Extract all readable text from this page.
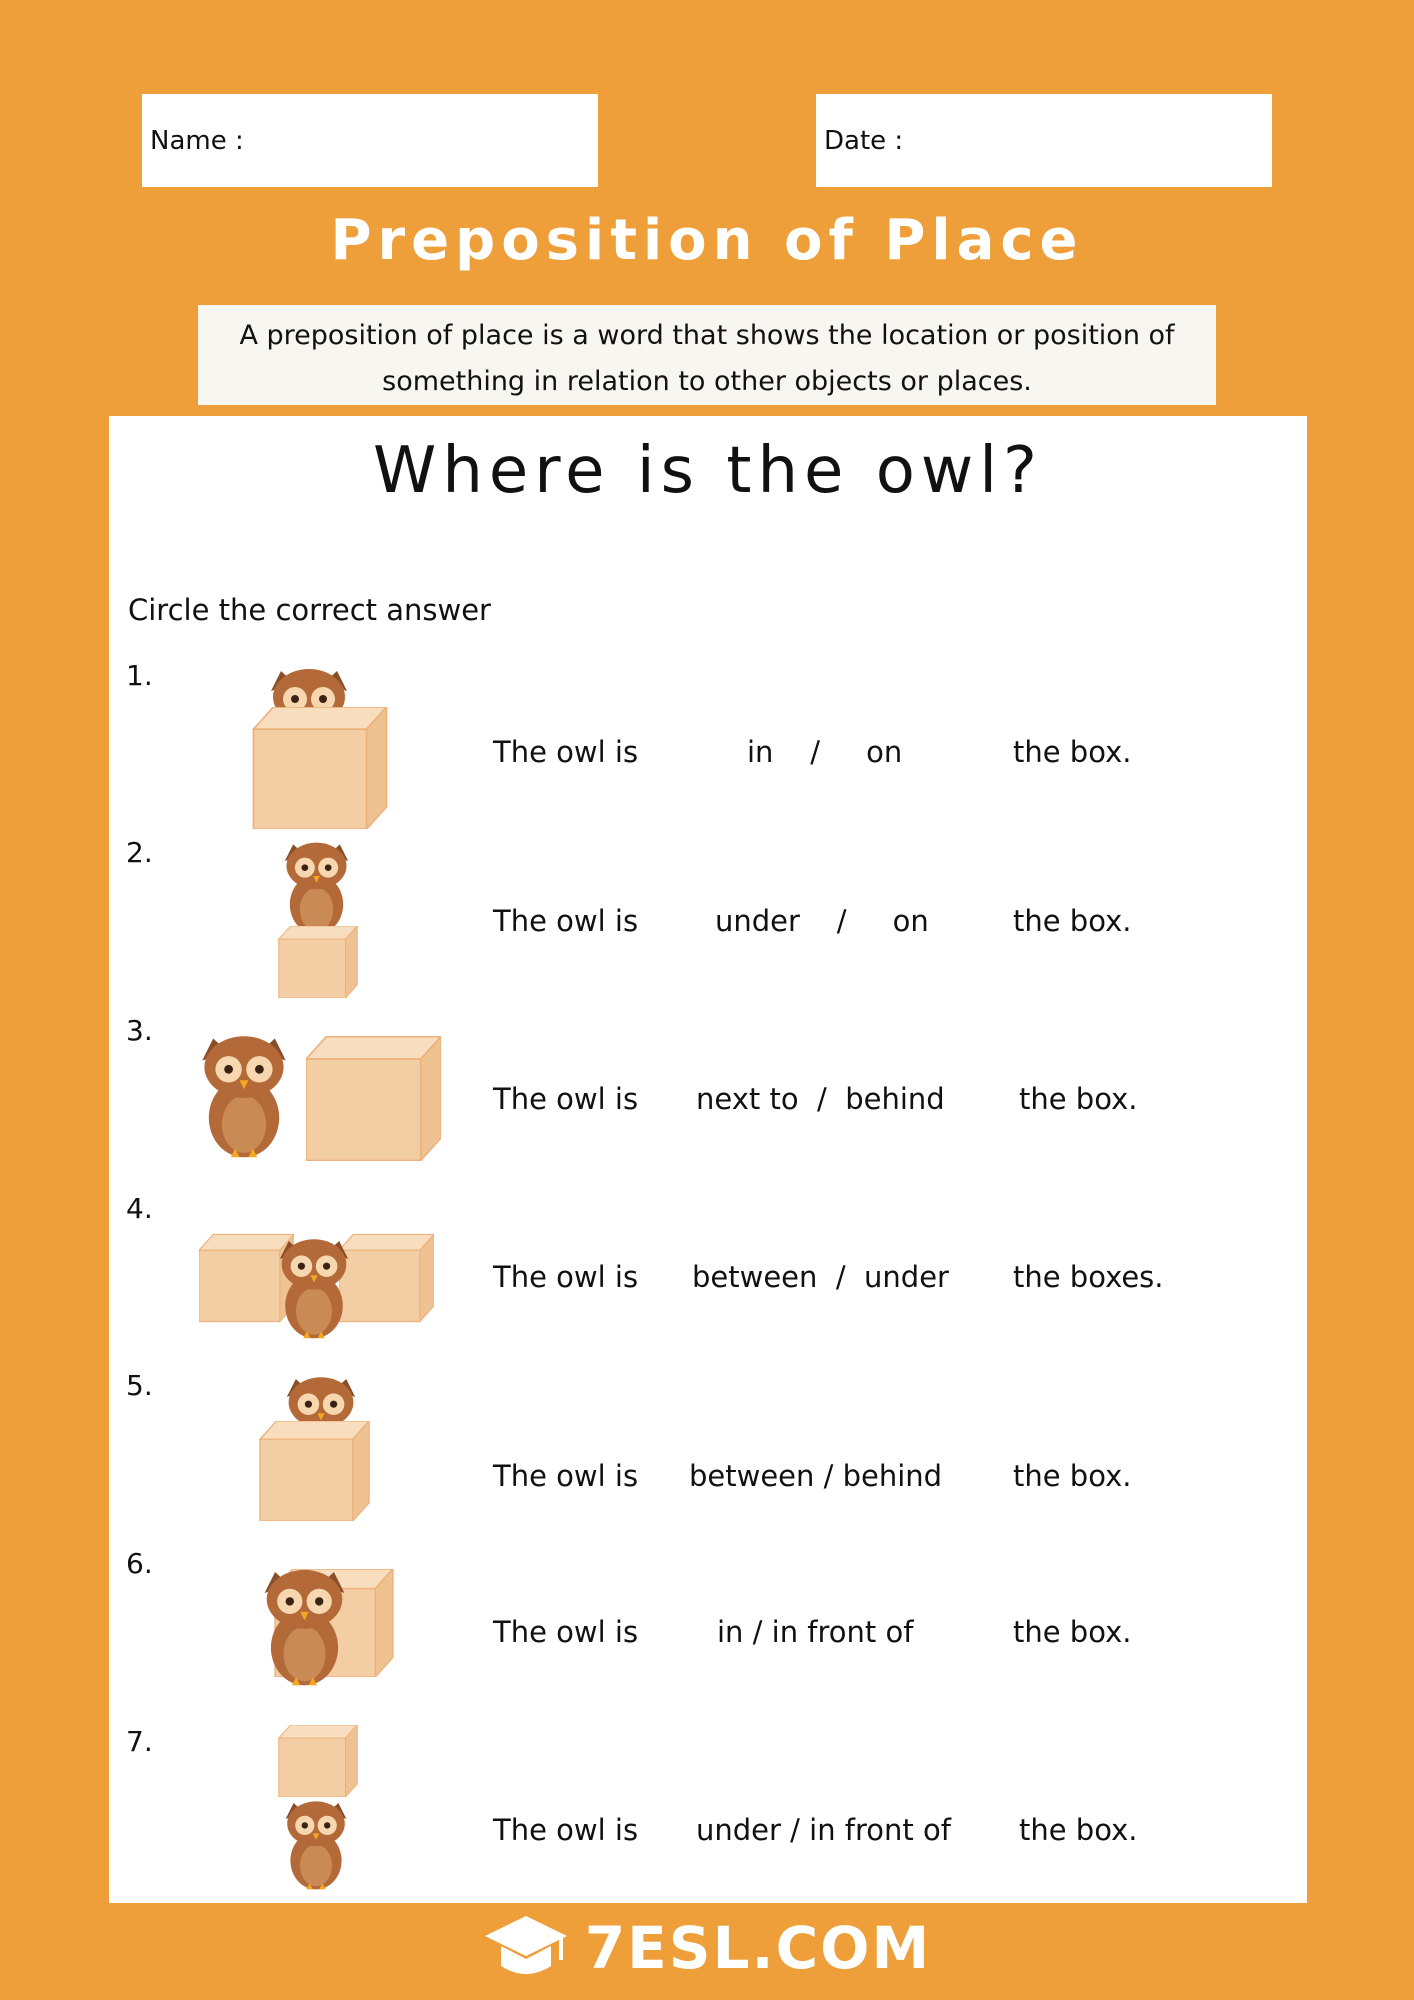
Name :	Date :
Preposition of Place
A preposition of place is a word that shows the location or position of something in relation to other objects or places.
Where is the owl?
Circle the correct answer
1.
The owl is	in    /     on	the box.
2.
The owl is	under    /     on	the box.
3.
The owl is next to  /  behind	the box.
4.
The owl is between  /  under the boxes.
5.
The owl is between / behind the box.
6.
The owl is	in / in front of	the box.
7.
The owl is under / in front of the box.
7ESL.COM
